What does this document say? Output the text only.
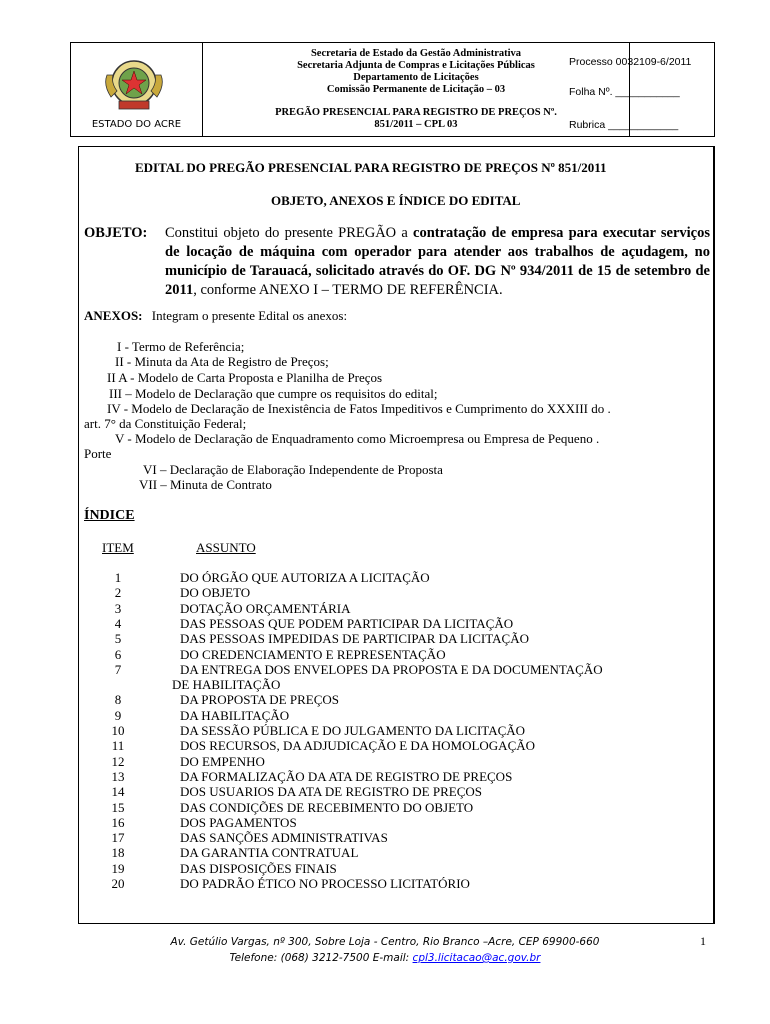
ESTADO DO ACRE
Secretaria de Estado da Gestão Administrativa
Secretaria Adjunta de Compras e Licitações Públicas
Departamento de Licitações
Comissão Permanente de Licitação – 03
PREGÃO PRESENCIAL PARA REGISTRO DE PREÇOS Nº.
851/2011 – CPL 03
Processo 0032109-6/2011
Folha Nº. ___________
Rubrica ____________
EDITAL DO PREGÃO PRESENCIAL PARA REGISTRO DE PREÇOS Nº 851/2011
OBJETO, ANEXOS E ÍNDICE DO EDITAL
OBJETO: Constitui objeto do presente PREGÃO a contratação de empresa para executar serviços de locação de máquina com operador para atender aos trabalhos de açudagem, no município de Tarauacá, solicitado através do OF. DG Nº 934/2011 de 15 de setembro de 2011, conforme ANEXO I – TERMO DE REFERÊNCIA.
ANEXOS: Integram o presente Edital os anexos:
I - Termo de Referência;
II - Minuta da Ata de Registro de Preços;
II A - Modelo de Carta Proposta e Planilha de Preços
III – Modelo de Declaração que cumpre os requisitos do edital;
IV - Modelo de Declaração de Inexistência de Fatos Impeditivos e Cumprimento do XXXIII do .
art. 7° da Constituição Federal;
V - Modelo de Declaração de Enquadramento como Microempresa ou Empresa de Pequeno .
Porte
VI – Declaração de Elaboração Independente de Proposta
VII – Minuta de Contrato
ÍNDICE
ITEM	ASSUNTO
1	DO ÓRGÃO QUE AUTORIZA A LICITAÇÃO
2	DO OBJETO
3	DOTAÇÃO ORÇAMENTÁRIA
4	DAS PESSOAS QUE PODEM PARTICIPAR DA LICITAÇÃO
5	DAS PESSOAS IMPEDIDAS DE PARTICIPAR DA LICITAÇÃO
6	DO CREDENCIAMENTO E REPRESENTAÇÃO
7	DA ENTREGA DOS ENVELOPES DA PROPOSTA E DA DOCUMENTAÇÃO
DE HABILITAÇÃO
8	DA PROPOSTA DE PREÇOS
9	DA HABILITAÇÃO
10	DA SESSÃO PÚBLICA E DO JULGAMENTO DA LICITAÇÃO
11	DOS RECURSOS, DA ADJUDICAÇÃO E DA HOMOLOGAÇÃO
12	DO EMPENHO
13	DA FORMALIZAÇÃO DA ATA DE REGISTRO DE PREÇOS
14	DOS USUARIOS DA ATA DE REGISTRO DE PREÇOS
15	DAS CONDIÇÕES DE RECEBIMENTO DO OBJETO
16	DOS PAGAMENTOS
17	DAS SANÇÕES ADMINISTRATIVAS
18	DA GARANTIA CONTRATUAL
19	DAS DISPOSIÇÕES FINAIS
20	DO PADRÃO ÉTICO NO PROCESSO LICITATÓRIO
Av. Getúlio Vargas, nº 300, Sobre Loja - Centro, Rio Branco –Acre, CEP 69900-660
Telefone: (068) 3212-7500 E-mail: cpl3.licitacao@ac.gov.br
1
